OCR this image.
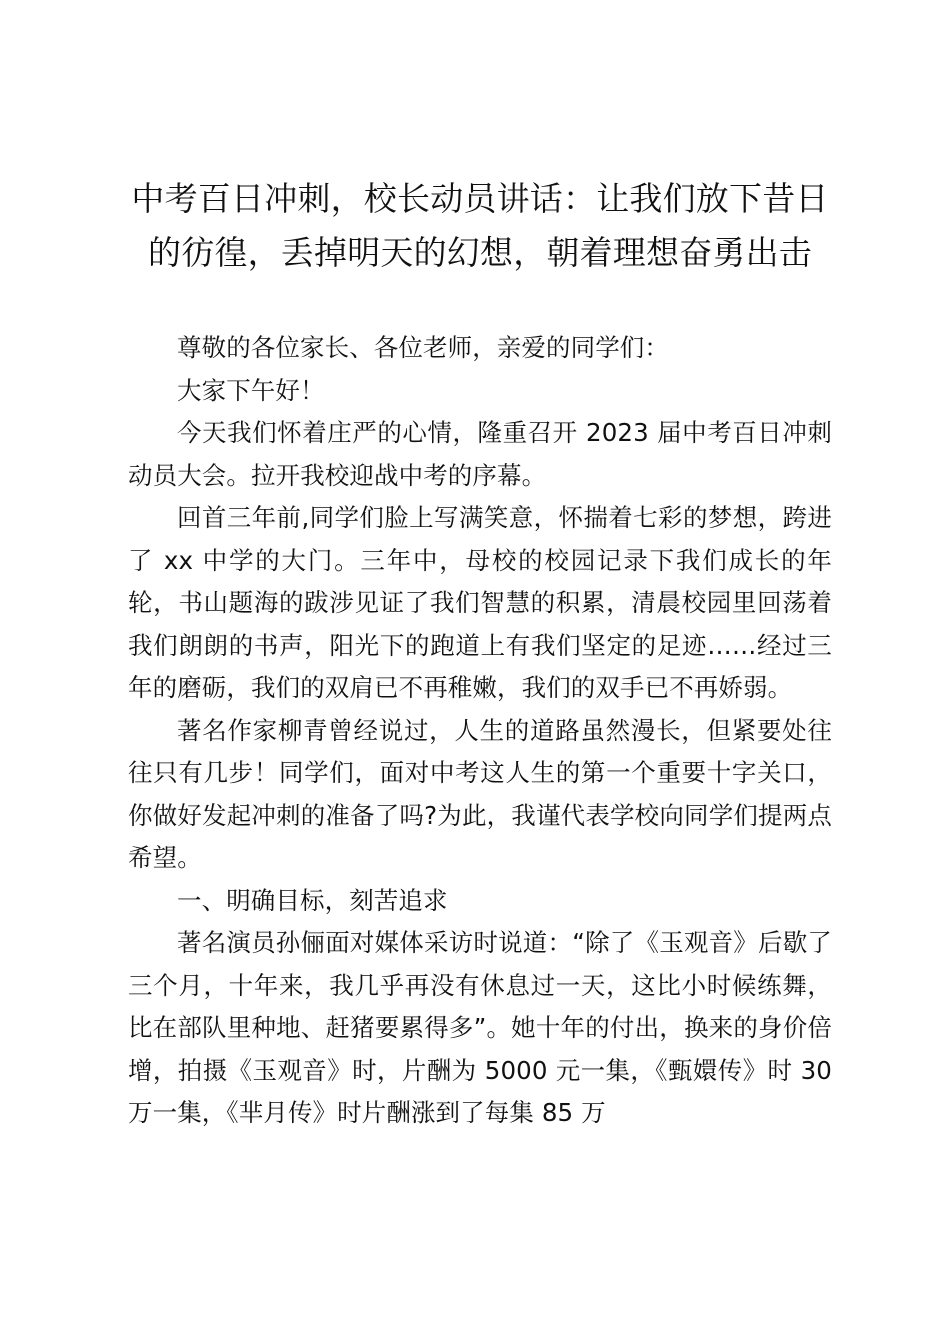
中考百日冲刺，校长动员讲话：让我们放下昔日的彷徨，丢掉明天的幻想，朝着理想奋勇出击

尊敬的各位家长、各位老师，亲爱的同学们：

大家下午好！

今天我们怀着庄严的心情，隆重召开 2023 届中考百日冲刺动员大会。拉开我校迎战中考的序幕。

回首三年前,同学们脸上写满笑意，怀揣着七彩的梦想，跨进了 xx 中学的大门。三年中，母校的校园记录下我们成长的年轮，书山题海的跋涉见证了我们智慧的积累，清晨校园里回荡着我们朗朗的书声，阳光下的跑道上有我们坚定的足迹……经过三年的磨砺，我们的双肩已不再稚嫩，我们的双手已不再娇弱。

著名作家柳青曾经说过，人生的道路虽然漫长，但紧要处往往只有几步！同学们，面对中考这人生的第一个重要十字关口，你做好发起冲刺的准备了吗?为此，我谨代表学校向同学们提两点希望。

一、明确目标，刻苦追求

著名演员孙俪面对媒体采访时说道：“除了《玉观音》后歇了三个月，十年来，我几乎再没有休息过一天，这比小时候练舞，比在部队里种地、赶猪要累得多”。她十年的付出，换来的身价倍增，拍摄《玉观音》时，片酬为 5000 元一集，《甄嬛传》时 30 万一集，《芈月传》时片酬涨到了每集 85 万
